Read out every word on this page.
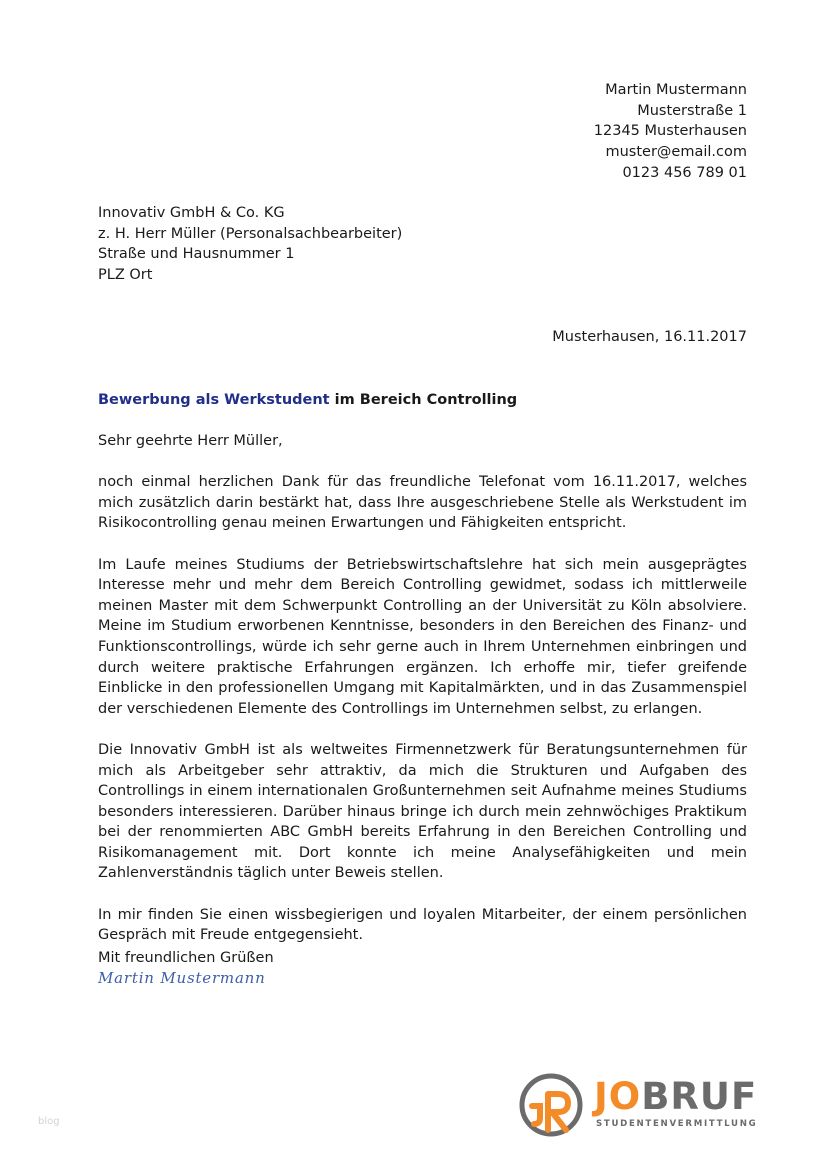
Martin Mustermann
Musterstraße 1
12345 Musterhausen
muster@email.com
0123 456 789 01
Innovativ GmbH & Co. KG
z. H. Herr Müller (Personalsachbearbeiter)
Straße und Hausnummer 1
PLZ Ort
Musterhausen, 16.11.2017
Bewerbung als Werkstudent im Bereich Controlling

Sehr geehrte Herr Müller,

noch einmal herzlichen Dank für das freundliche Telefonat vom 16.11.2017, welches mich zusätzlich darin bestärkt hat, dass Ihre ausgeschriebene Stelle als Werkstudent im Risikocontrolling genau meinen Erwartungen und Fähigkeiten entspricht.

Im Laufe meines Studiums der Betriebswirtschaftslehre hat sich mein ausgeprägtes Interesse mehr und mehr dem Bereich Controlling gewidmet, sodass ich mittlerweile meinen Master mit dem Schwerpunkt Controlling an der Universität zu Köln absolviere. Meine im Studium erworbenen Kenntnisse, besonders in den Bereichen des Finanz- und Funktionscontrollings, würde ich sehr gerne auch in Ihrem Unternehmen einbringen und durch weitere praktische Erfahrungen ergänzen. Ich erhoffe mir, tiefer greifende Einblicke in den professionellen Umgang mit Kapitalmärkten, und in das Zusammenspiel der verschiedenen Elemente des Controllings im Unternehmen selbst, zu erlangen.

Die Innovativ GmbH ist als weltweites Firmennetzwerk für Beratungsunternehmen für mich als Arbeitgeber sehr attraktiv, da mich die Strukturen und Aufgaben des Controllings in einem internationalen Großunternehmen seit Aufnahme meines Studiums besonders interessieren. Darüber hinaus bringe ich durch mein zehnwöchiges Praktikum bei der renommierten ABC GmbH bereits Erfahrung in den Bereichen Controlling und Risikomanagement mit. Dort konnte ich meine Analysefähigkeiten und mein Zahlenverständnis täglich unter Beweis stellen.

In mir finden Sie einen wissbegierigen und loyalen Mitarbeiter, der einem persönlichen Gespräch mit Freude entgegensieht.

Mit freundlichen Grüßen
Martin Mustermann
blog
JOBRUF
STUDENTENVERMITTLUNG
